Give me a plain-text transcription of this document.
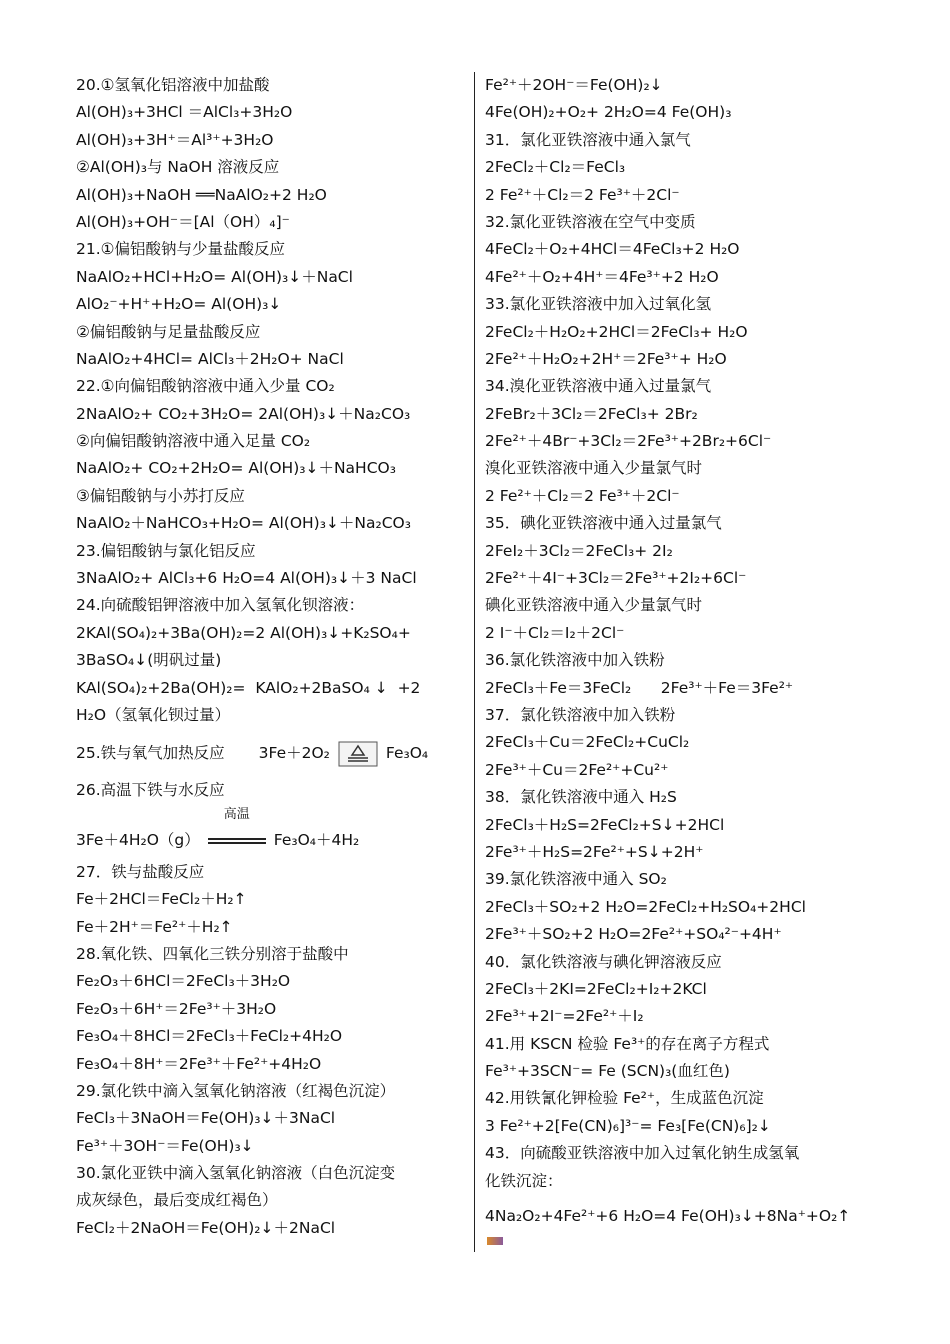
20.①氢氧化铝溶液中加盐酸
Al(OH)₃+3HCl ＝AlCl₃+3H₂O
Al(OH)₃+3H⁺＝Al³⁺+3H₂O
②Al(OH)₃与 NaOH 溶液反应
Al(OH)₃+NaOH ══NaAlO₂+2 H₂O
Al(OH)₃+OH⁻＝[Al（OH）₄]⁻
21.①偏铝酸钠与少量盐酸反应
NaAlO₂+HCl+H₂O= Al(OH)₃↓＋NaCl
AlO₂⁻+H⁺+H₂O= Al(OH)₃↓
②偏铝酸钠与足量盐酸反应
NaAlO₂+4HCl= AlCl₃＋2H₂O+ NaCl
22.①向偏铝酸钠溶液中通入少量 CO₂
2NaAlO₂+ CO₂+3H₂O= 2Al(OH)₃↓＋Na₂CO₃
②向偏铝酸钠溶液中通入足量 CO₂
NaAlO₂+ CO₂+2H₂O= Al(OH)₃↓＋NaHCO₃
③偏铝酸钠与小苏打反应
NaAlO₂＋NaHCO₃+H₂O= Al(OH)₃↓＋Na₂CO₃
23.偏铝酸钠与氯化铝反应
3NaAlO₂+ AlCl₃+6 H₂O=4 Al(OH)₃↓＋3 NaCl
24.向硫酸铝钾溶液中加入氢氧化钡溶液：
2KAl(SO₄)₂+3Ba(OH)₂=2 Al(OH)₃↓+K₂SO₄+
3BaSO₄↓(明矾过量)
KAl(SO₄)₂+2Ba(OH)₂=  KAlO₂+2BaSO₄ ↓  +2
H₂O（氢氧化钡过量）
25.铁与氧气加热反应 3Fe＋2O₂	Fe₃O₄
26.高温下铁与水反应
3Fe＋4H₂O（g）
高温
Fe₃O₄＋4H₂
27．铁与盐酸反应
Fe＋2HCl＝FeCl₂＋H₂↑
Fe＋2H⁺＝Fe²⁺＋H₂↑
28.氧化铁、四氧化三铁分别溶于盐酸中
Fe₂O₃＋6HCl＝2FeCl₃＋3H₂O
Fe₂O₃＋6H⁺＝2Fe³⁺＋3H₂O
Fe₃O₄＋8HCl＝2FeCl₃＋FeCl₂+4H₂O
Fe₃O₄＋8H⁺＝2Fe³⁺＋Fe²⁺+4H₂O
29.氯化铁中滴入氢氧化钠溶液（红褐色沉淀）
FeCl₃＋3NaOH＝Fe(OH)₃↓＋3NaCl
Fe³⁺＋3OH⁻＝Fe(OH)₃↓
30.氯化亚铁中滴入氢氧化钠溶液（白色沉淀变
成灰绿色，最后变成红褐色）
FeCl₂＋2NaOH＝Fe(OH)₂↓＋2NaCl
Fe²⁺＋2OH⁻＝Fe(OH)₂↓
4Fe(OH)₂+O₂+ 2H₂O=4 Fe(OH)₃
31．氯化亚铁溶液中通入氯气
2FeCl₂＋Cl₂＝FeCl₃
2 Fe²⁺＋Cl₂＝2 Fe³⁺＋2Cl⁻
32.氯化亚铁溶液在空气中变质
4FeCl₂＋O₂+4HCl＝4FeCl₃+2 H₂O
4Fe²⁺＋O₂+4H⁺＝4Fe³⁺+2 H₂O
33.氯化亚铁溶液中加入过氧化氢
2FeCl₂＋H₂O₂+2HCl＝2FeCl₃+ H₂O
2Fe²⁺＋H₂O₂+2H⁺＝2Fe³⁺+ H₂O
34.溴化亚铁溶液中通入过量氯气
2FeBr₂＋3Cl₂＝2FeCl₃+ 2Br₂
2Fe²⁺＋4Br⁻+3Cl₂＝2Fe³⁺+2Br₂+6Cl⁻
溴化亚铁溶液中通入少量氯气时
2 Fe²⁺＋Cl₂＝2 Fe³⁺＋2Cl⁻
35．碘化亚铁溶液中通入过量氯气
2FeI₂＋3Cl₂＝2FeCl₃+ 2I₂
2Fe²⁺＋4I⁻+3Cl₂＝2Fe³⁺+2I₂+6Cl⁻
碘化亚铁溶液中通入少量氯气时
2 I⁻＋Cl₂＝I₂＋2Cl⁻
36.氯化铁溶液中加入铁粉
2FeCl₃＋Fe＝3FeCl₂      2Fe³⁺＋Fe＝3Fe²⁺
37．氯化铁溶液中加入铁粉
2FeCl₃＋Cu＝2FeCl₂+CuCl₂
2Fe³⁺＋Cu＝2Fe²⁺+Cu²⁺
38．氯化铁溶液中通入 H₂S
2FeCl₃＋H₂S=2FeCl₂+S↓+2HCl
2Fe³⁺＋H₂S=2Fe²⁺+S↓+2H⁺
39.氯化铁溶液中通入 SO₂
2FeCl₃＋SO₂+2 H₂O=2FeCl₂+H₂SO₄+2HCl
2Fe³⁺＋SO₂+2 H₂O=2Fe²⁺+SO₄²⁻+4H⁺
40．氯化铁溶液与碘化钾溶液反应
2FeCl₃＋2KI=2FeCl₂+I₂+2KCl
2Fe³⁺+2I⁻=2Fe²⁺＋I₂
41.用 KSCN 检验 Fe³⁺的存在离子方程式
Fe³⁺+3SCN⁻= Fe (SCN)₃(血红色)
42.用铁氰化钾检验 Fe²⁺，生成蓝色沉淀
3 Fe²⁺+2[Fe(CN)₆]³⁻= Fe₃[Fe(CN)₆]₂↓
43．向硫酸亚铁溶液中加入过氧化钠生成氢氧
化铁沉淀：
4Na₂O₂+4Fe²⁺+6 H₂O=4 Fe(OH)₃↓+8Na⁺+O₂↑
